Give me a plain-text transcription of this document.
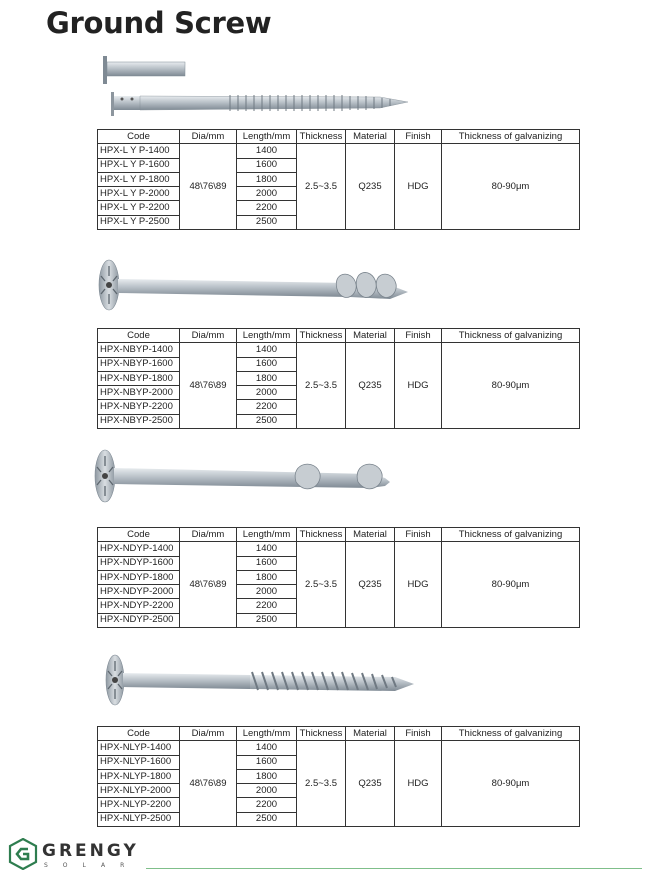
Ground Screw
Code	Dia/mm	Length/mm	Thickness	Material	Finish	Thickness of galvanizing
HPX-L Y P-1400	48\76\89	1400	2.5~3.5	Q235	HDG	80-90μm
HPX-L Y P-1600		1600				
HPX-L Y P-1800		1800				
HPX-L Y P-2000		2000				
HPX-L Y P-2200		2200				
HPX-L Y P-2500		2500				
Code	Dia/mm	Length/mm	Thickness	Material	Finish	Thickness of galvanizing
HPX-NBYP-1400	48\76\89	1400	2.5~3.5	Q235	HDG	80-90μm
HPX-NBYP-1600		1600				
HPX-NBYP-1800		1800				
HPX-NBYP-2000		2000				
HPX-NBYP-2200		2200				
HPX-NBYP-2500		2500				
Code	Dia/mm	Length/mm	Thickness	Material	Finish	Thickness of galvanizing
HPX-NDYP-1400	48\76\89	1400	2.5~3.5	Q235	HDG	80-90μm
HPX-NDYP-1600		1600				
HPX-NDYP-1800		1800				
HPX-NDYP-2000		2000				
HPX-NDYP-2200		2200				
HPX-NDYP-2500		2500				
Code	Dia/mm	Length/mm	Thickness	Material	Finish	Thickness of galvanizing
HPX-NLYP-1400	48\76\89	1400	2.5~3.5	Q235	HDG	80-90μm
HPX-NLYP-1600		1600				
HPX-NLYP-1800		1800				
HPX-NLYP-2000		2000				
HPX-NLYP-2200		2200				
HPX-NLYP-2500		2500				
GRENGY
SOLAR
